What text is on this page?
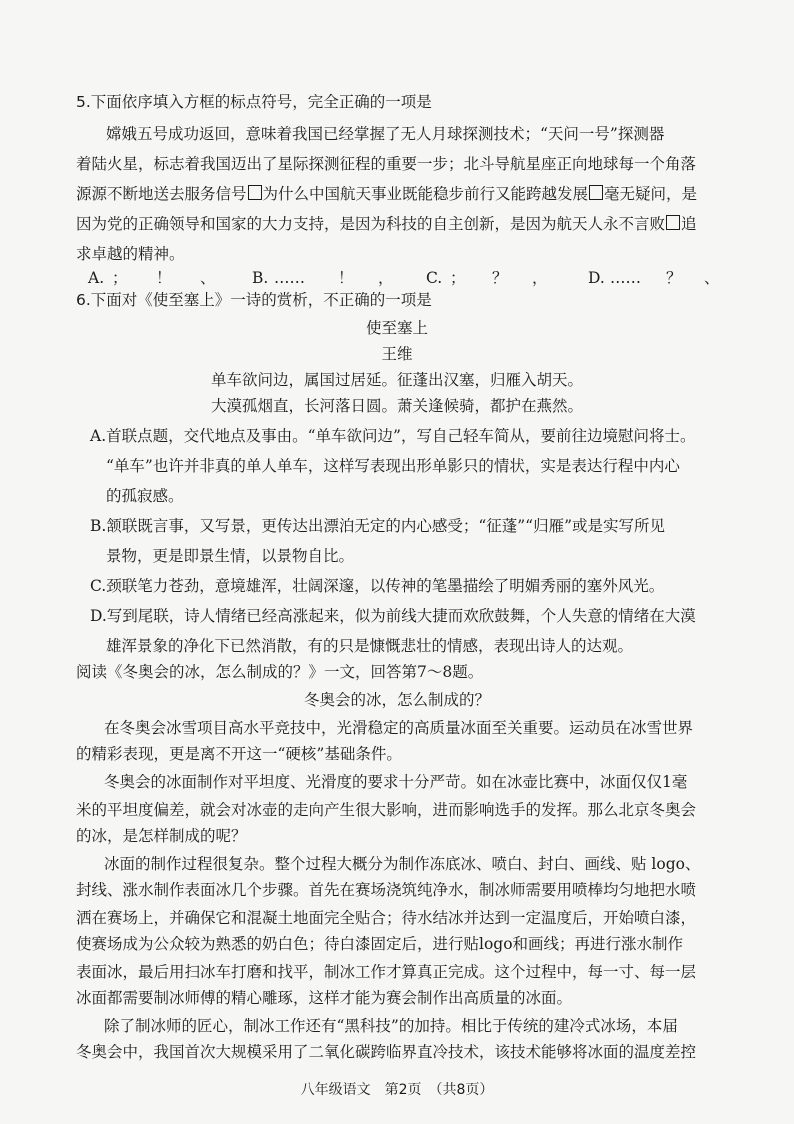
5.下面依序填入方框的标点符号，完全正确的一项是
嫦娥五号成功返回，意味着我国已经掌握了无人月球探测技术；“天问一号”探测器
着陆火星，标志着我国迈出了星际探测征程的重要一步；北斗导航星座正向地球每一个角落
源源不断地送去服务信号 为什么中国航天事业既能稳步前行又能跨越发展 毫无疑问，是
因为党的正确领导和国家的大力支持，是因为科技的自主创新，是因为航天人永不言败 追
求卓越的精神。
A. ； ！ 、 B. …… ！ ， C. ； ？ ，	D. …… ？ 、
6.下面对《使至塞上》一诗的赏析，不正确的一项是
使至塞上
王维
单车欲问边，属国过居延。征蓬出汉塞，归雁入胡天。
大漠孤烟直，长河落日圆。萧关逢候骑，都护在燕然。
A.首联点题，交代地点及事由。“单车欲问边”，写自己轻车简从，要前往边境慰问将士。
“单车”也许并非真的单人单车，这样写表现出形单影只的情状，实是表达行程中内心
的孤寂感。
B.颔联既言事，又写景，更传达出漂泊无定的内心感受；“征蓬”“归雁”或是实写所见
景物，更是即景生情，以景物自比。
C.颈联笔力苍劲，意境雄浑，壮阔深邃，以传神的笔墨描绘了明媚秀丽的塞外风光。
D.写到尾联，诗人情绪已经高涨起来，似为前线大捷而欢欣鼓舞，个人失意的情绪在大漠
雄浑景象的净化下已然消散，有的只是慷慨悲壮的情感，表现出诗人的达观。
阅读《冬奥会的冰，怎么制成的？》一文，回答第7～8题。
冬奥会的冰，怎么制成的？
在冬奥会冰雪项目高水平竞技中，光滑稳定的高质量冰面至关重要。运动员在冰雪世界
的精彩表现，更是离不开这一“硬核”基础条件。
冬奥会的冰面制作对平坦度、光滑度的要求十分严苛。如在冰壶比赛中，冰面仅仅1毫
米的平坦度偏差，就会对冰壶的走向产生很大影响，进而影响选手的发挥。那么北京冬奥会
的冰，是怎样制成的呢？
冰面的制作过程很复杂。整个过程大概分为制作冻底冰、喷白、封白、画线、贴 logo、
封线、涨水制作表面冰几个步骤。首先在赛场浇筑纯净水，制冰师需要用喷棒均匀地把水喷
洒在赛场上，并确保它和混凝土地面完全贴合；待水结冰并达到一定温度后，开始喷白漆，
使赛场成为公众较为熟悉的奶白色；待白漆固定后，进行贴logo和画线；再进行涨水制作
表面冰，最后用扫冰车打磨和找平，制冰工作才算真正完成。这个过程中，每一寸、每一层
冰面都需要制冰师傅的精心雕琢，这样才能为赛会制作出高质量的冰面。
除了制冰师的匠心，制冰工作还有“黑科技”的加持。相比于传统的建冷式冰场，本届
冬奥会中，我国首次大规模采用了二氧化碳跨临界直冷技术，该技术能够将冰面的温度差控
八年级语文　第2页　（共8页）
